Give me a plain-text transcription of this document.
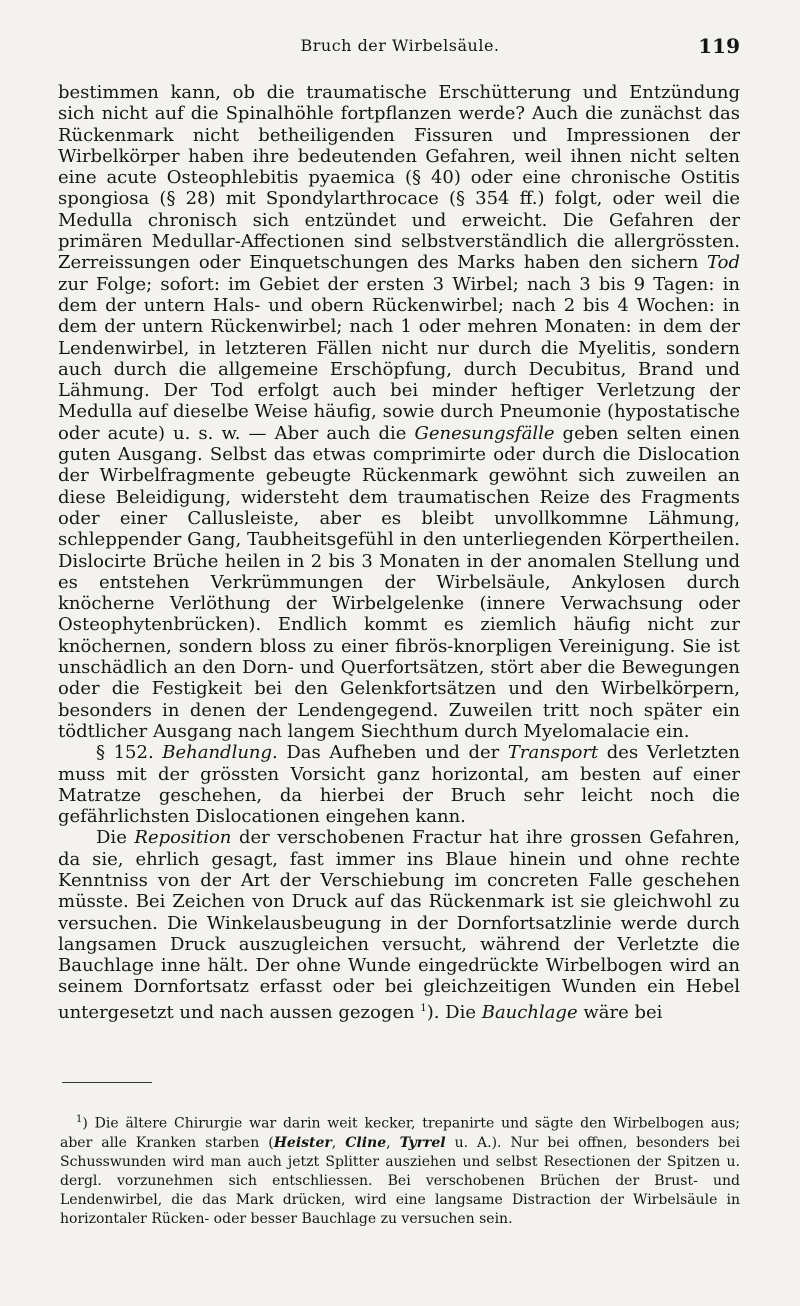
Bruch der Wirbelsäule.	119

bestimmen kann, ob die traumatische Erschütterung und Entzündung sich nicht auf die Spinalhöhle fortpflanzen werde? Auch die zunächst das Rückenmark nicht betheiligenden Fissuren und Impressionen der Wirbelkörper haben ihre bedeutenden Gefahren, weil ihnen nicht selten eine acute Osteophlebitis pyaemica (§ 40) oder eine chronische Ostitis spongiosa (§ 28) mit Spondylarthrocace (§ 354 ff.) folgt, oder weil die Medulla chronisch sich entzündet und erweicht. Die Gefahren der primären Medullar-Affectionen sind selbstverständlich die allergrössten. Zerreissungen oder Einquetschungen des Marks haben den sichern Tod zur Folge; sofort: im Gebiet der ersten 3 Wirbel; nach 3 bis 9 Tagen: in dem der untern Hals- und obern Rückenwirbel; nach 2 bis 4 Wochen: in dem der untern Rückenwirbel; nach 1 oder mehren Monaten: in dem der Lendenwirbel, in letzteren Fällen nicht nur durch die Myelitis, sondern auch durch die allgemeine Erschöpfung, durch Decubitus, Brand und Lähmung. Der Tod erfolgt auch bei minder heftiger Verletzung der Medulla auf dieselbe Weise häufig, sowie durch Pneumonie (hypostatische oder acute) u. s. w. — Aber auch die Genesungsfälle geben selten einen guten Ausgang. Selbst das etwas comprimirte oder durch die Dislocation der Wirbelfragmente gebeugte Rückenmark gewöhnt sich zuweilen an diese Beleidigung, widersteht dem traumatischen Reize des Fragments oder einer Callusleiste, aber es bleibt unvollkommne Lähmung, schleppender Gang, Taubheitsgefühl in den unterliegenden Körpertheilen. Dislocirte Brüche heilen in 2 bis 3 Monaten in der anomalen Stellung und es entstehen Verkrümmungen der Wirbelsäule, Ankylosen durch knöcherne Verlöthung der Wirbelgelenke (innere Verwachsung oder Osteophytenbrücken). Endlich kommt es ziemlich häufig nicht zur knöchernen, sondern bloss zu einer fibrös-knorpligen Vereinigung. Sie ist unschädlich an den Dorn- und Querfortsätzen, stört aber die Bewegungen oder die Festigkeit bei den Gelenkfortsätzen und den Wirbelkörpern, besonders in denen der Lendengegend. Zuweilen tritt noch später ein tödtlicher Ausgang nach langem Siechthum durch Myelomalacie ein.

§ 152. Behandlung. Das Aufheben und der Transport des Verletzten muss mit der grössten Vorsicht ganz horizontal, am besten auf einer Matratze geschehen, da hierbei der Bruch sehr leicht noch die gefährlichsten Dislocationen eingehen kann.

Die Reposition der verschobenen Fractur hat ihre grossen Gefahren, da sie, ehrlich gesagt, fast immer ins Blaue hinein und ohne rechte Kenntniss von der Art der Verschiebung im concreten Falle geschehen müsste. Bei Zeichen von Druck auf das Rückenmark ist sie gleichwohl zu versuchen. Die Winkelausbeugung in der Dornfortsatzlinie werde durch langsamen Druck auszugleichen versucht, während der Verletzte die Bauchlage inne hält. Der ohne Wunde eingedrückte Wirbelbogen wird an seinem Dornfortsatz erfasst oder bei gleichzeitigen Wunden ein Hebel untergesetzt und nach aussen gezogen $^1$). Die Bauchlage wäre bei

$^1$) Die ältere Chirurgie war darin weit kecker, trepanirte und sägte den Wirbelbogen aus; aber alle Kranken starben (Heister, Cline, Tyrrel u. A.). Nur bei offnen, besonders bei Schusswunden wird man auch jetzt Splitter ausziehen und selbst Resectionen der Spitzen u. dergl. vorzunehmen sich entschliessen. Bei verschobenen Brüchen der Brust- und Lendenwirbel, die das Mark drücken, wird eine langsame Distraction der Wirbelsäule in horizontaler Rücken- oder besser Bauchlage zu versuchen sein.
